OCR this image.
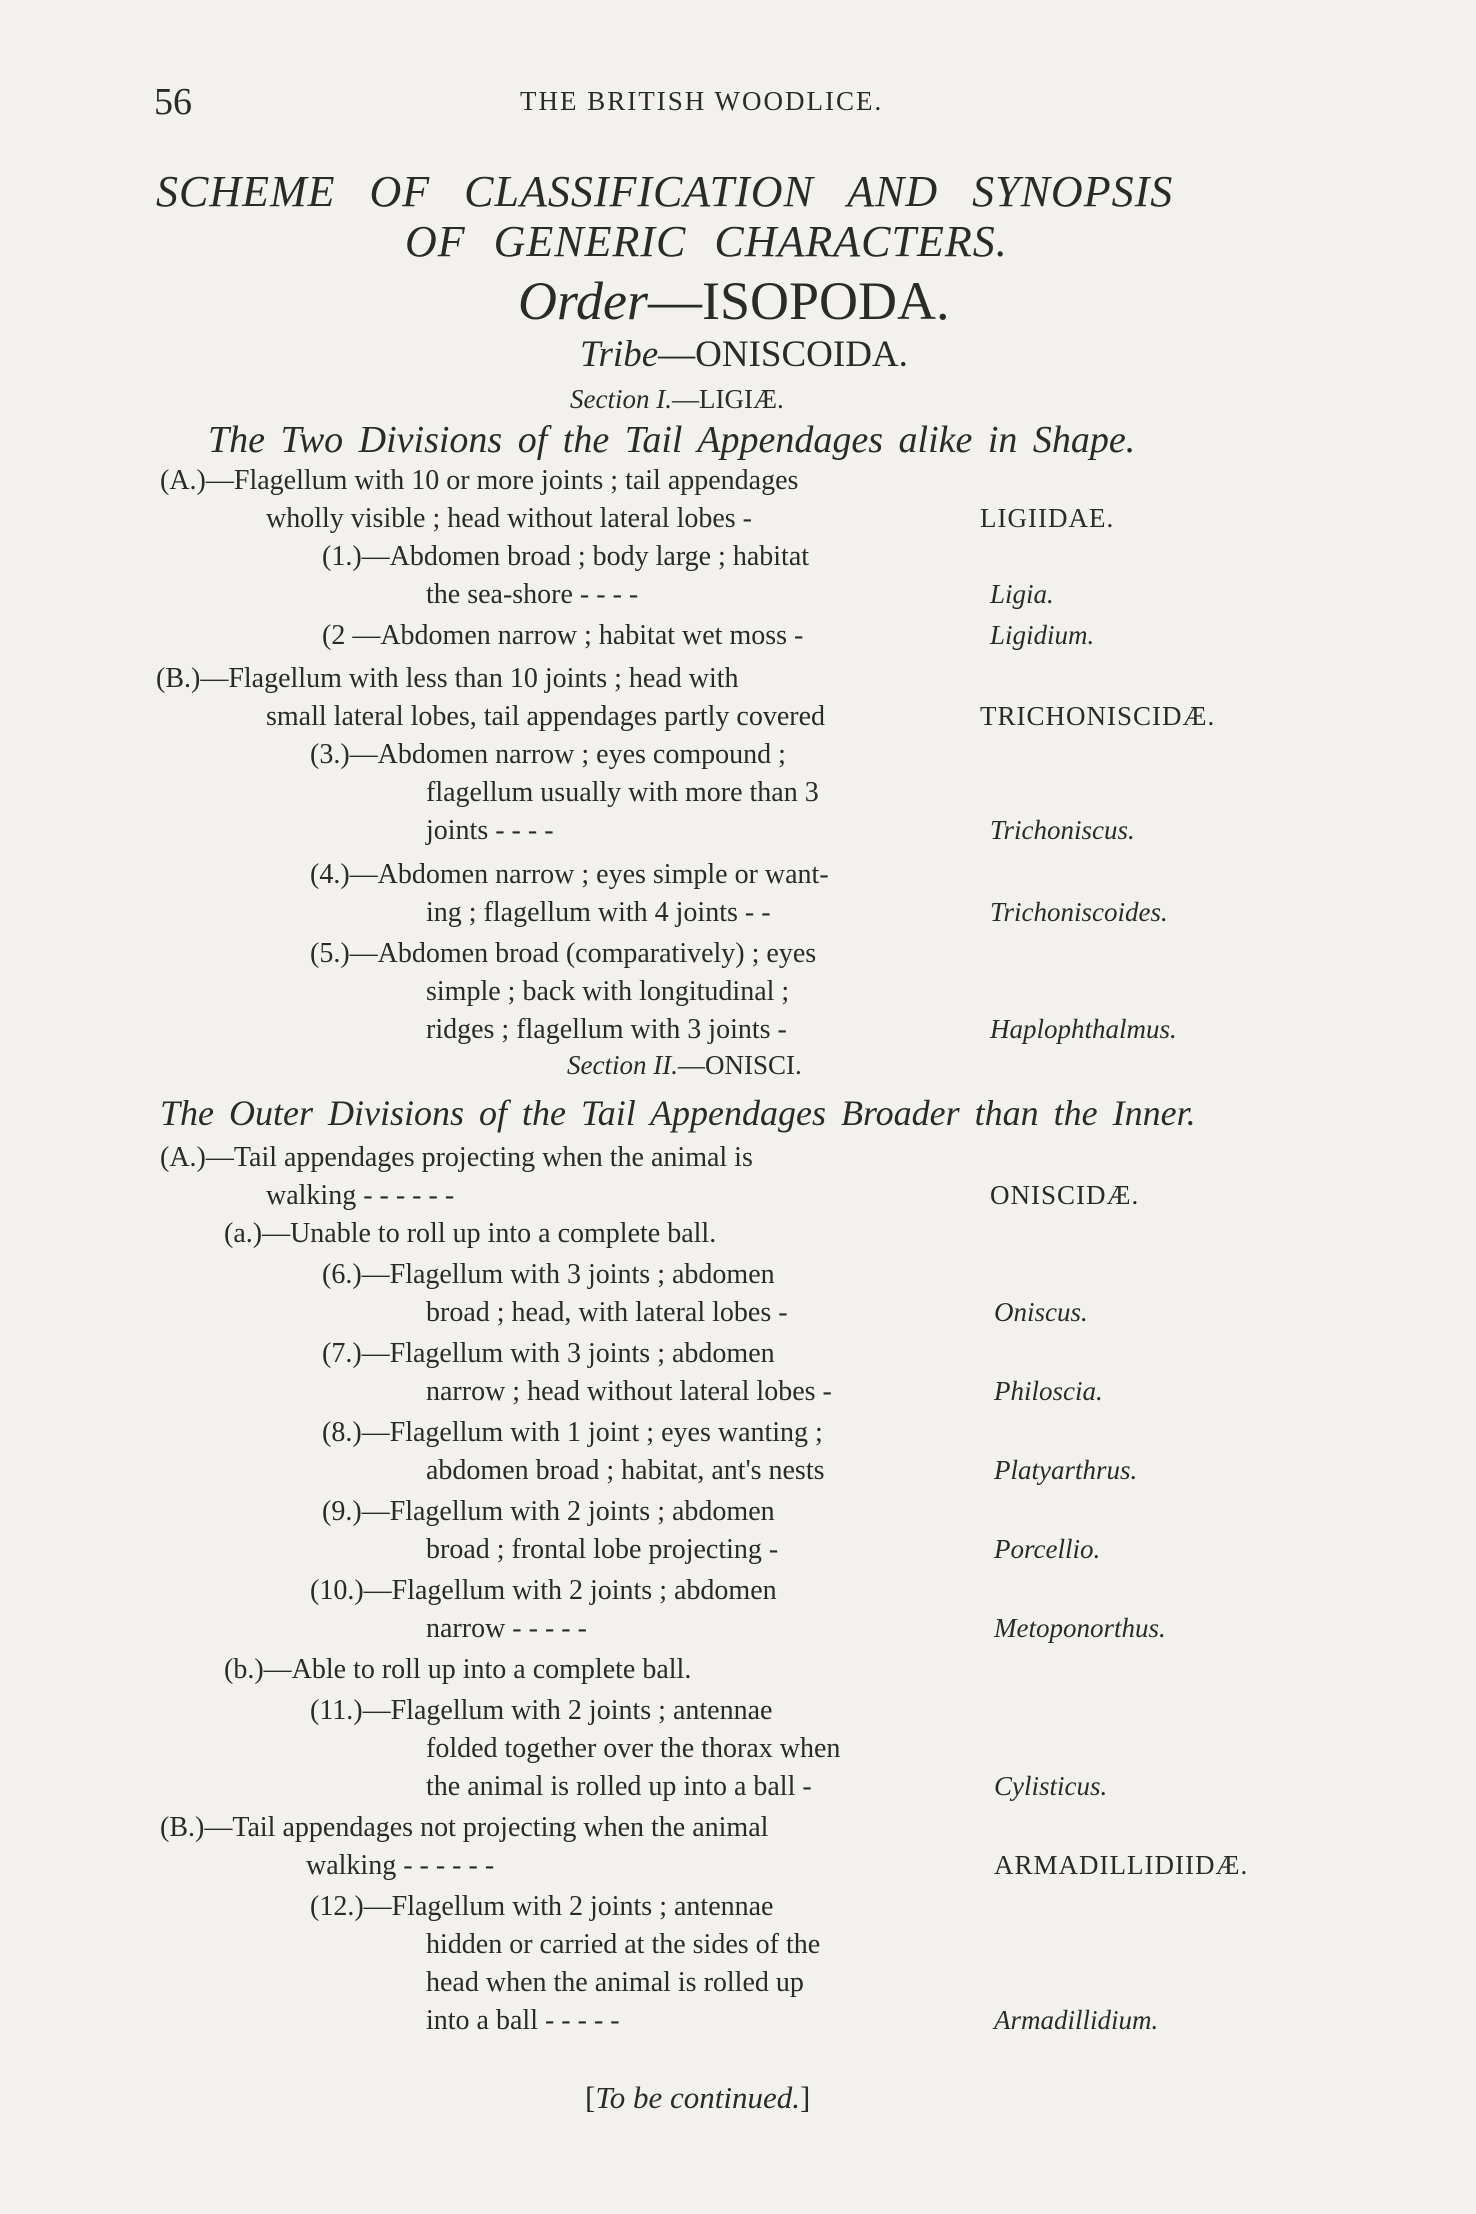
56	THE BRITISH WOODLICE.
SCHEME OF CLASSIFICATION AND SYNOPSIS
OF GENERIC CHARACTERS.
Order—ISOPODA.
Tribe—ONISCOIDA.
Section I.—LIGIÆ.
The Two Divisions of the Tail Appendages alike in Shape.
(A.)—Flagellum with 10 or more joints ; tail appendages
wholly visible ; head without lateral lobes -
(1.)—Abdomen broad ; body large ; habitat
the sea-shore - - - -
(2 —Abdomen narrow ; habitat wet moss -
(B.)—Flagellum with less than 10 joints ; head with
small lateral lobes, tail appendages partly covered
(3.)—Abdomen narrow ; eyes compound ;
flagellum usually with more than 3
joints - - - -
(4.)—Abdomen narrow ; eyes simple or want-
ing ; flagellum with 4 joints - -
(5.)—Abdomen broad (comparatively) ; eyes
simple ; back with longitudinal ;
ridges ; flagellum with 3 joints -
LIGIIDAE.
Ligia.
Ligidium.
TRICHONISCIDÆ.
Trichoniscus.
Trichoniscoides.
Haplophthalmus.
Section II.—ONISCI.
The Outer Divisions of the Tail Appendages Broader than the Inner.
(A.)—Tail appendages projecting when the animal is
walking - - - - - -
(a.)—Unable to roll up into a complete ball.
(6.)—Flagellum with 3 joints ; abdomen
broad ; head, with lateral lobes -
(7.)—Flagellum with 3 joints ; abdomen
narrow ; head without lateral lobes -
(8.)—Flagellum with 1 joint ; eyes wanting ;
abdomen broad ; habitat, ant's nests
(9.)—Flagellum with 2 joints ; abdomen
broad ; frontal lobe projecting -
(10.)—Flagellum with 2 joints ; abdomen
narrow - - - - -
(b.)—Able to roll up into a complete ball.
(11.)—Flagellum with 2 joints ; antennae
folded together over the thorax when
the animal is rolled up into a ball -
(B.)—Tail appendages not projecting when the animal
walking - - - - - -
(12.)—Flagellum with 2 joints ; antennae
hidden or carried at the sides of the
head when the animal is rolled up
into a ball - - - - -
ONISCIDÆ.
Oniscus.
Philoscia.
Platyarthrus.
Porcellio.
Metoponorthus.
Cylisticus.
ARMADILLIDIIDÆ.
Armadillidium.
[To be continued.]
